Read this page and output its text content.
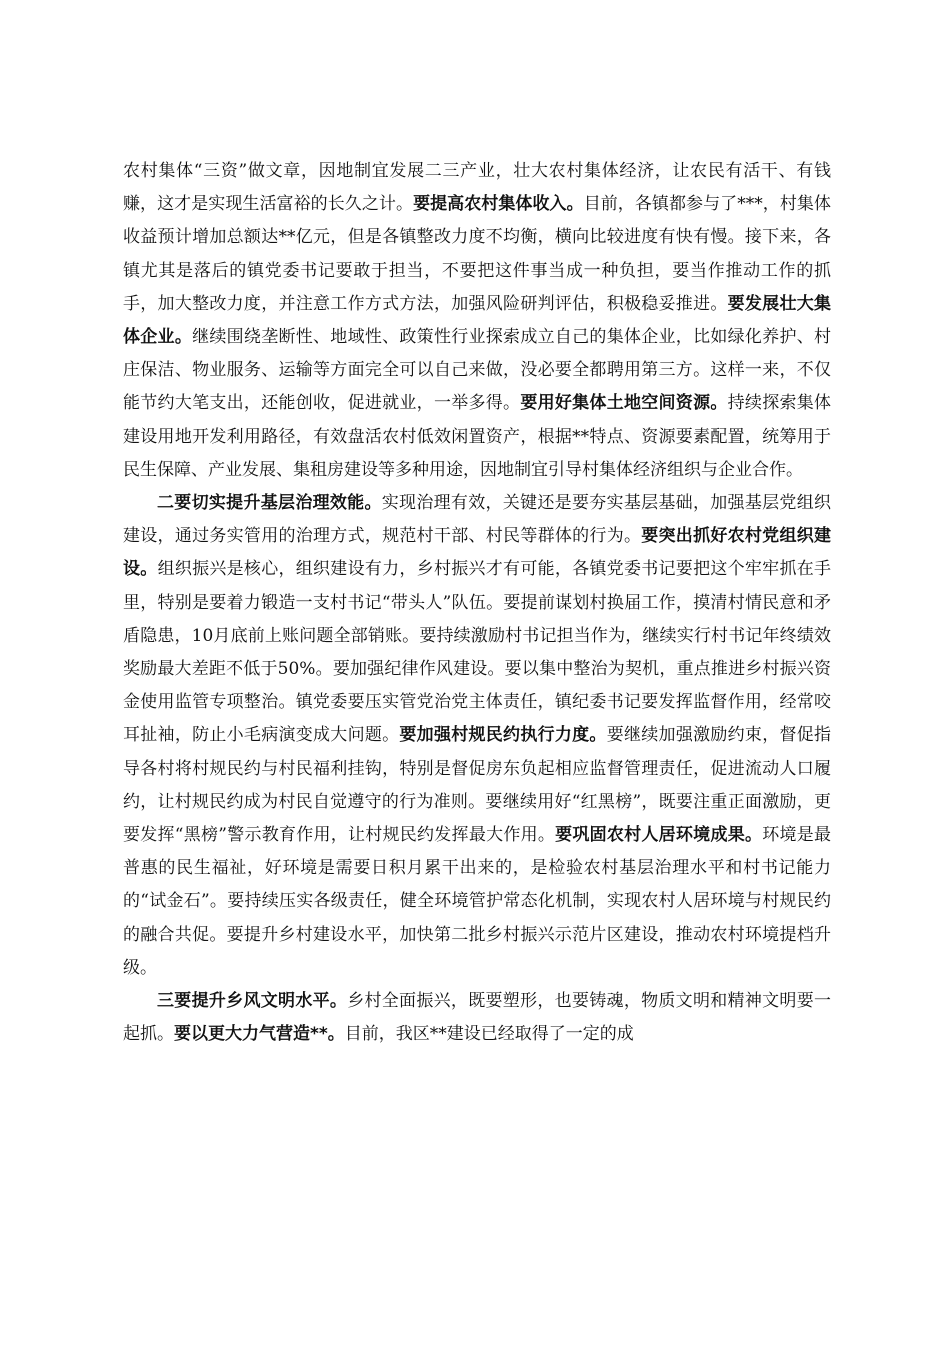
农村集体“三资”做文章，因地制宜发展二三产业，壮大农村集体经济，让农民有活干、有钱赚，这才是实现生活富裕的长久之计。要提高农村集体收入。目前，各镇都参与了***，村集体收益预计增加总额达**亿元，但是各镇整改力度不均衡，横向比较进度有快有慢。接下来，各镇尤其是落后的镇党委书记要敢于担当，不要把这件事当成一种负担，要当作推动工作的抓手，加大整改力度，并注意工作方式方法，加强风险研判评估，积极稳妥推进。要发展壮大集体企业。继续围绕垄断性、地域性、政策性行业探索成立自己的集体企业，比如绿化养护、村庄保洁、物业服务、运输等方面完全可以自己来做，没必要全都聘用第三方。这样一来，不仅能节约大笔支出，还能创收，促进就业，一举多得。要用好集体土地空间资源。持续探索集体建设用地开发利用路径，有效盘活农村低效闲置资产，根据**特点、资源要素配置，统筹用于民生保障、产业发展、集租房建设等多种用途，因地制宜引导村集体经济组织与企业合作。

二要切实提升基层治理效能。实现治理有效，关键还是要夯实基层基础，加强基层党组织建设，通过务实管用的治理方式，规范村干部、村民等群体的行为。要突出抓好农村党组织建设。组织振兴是核心，组织建设有力，乡村振兴才有可能，各镇党委书记要把这个牢牢抓在手里，特别是要着力锻造一支村书记“带头人”队伍。要提前谋划村换届工作，摸清村情民意和矛盾隐患，10月底前上账问题全部销账。要持续激励村书记担当作为，继续实行村书记年终绩效奖励最大差距不低于50%。要加强纪律作风建设。要以集中整治为契机，重点推进乡村振兴资金使用监管专项整治。镇党委要压实管党治党主体责任，镇纪委书记要发挥监督作用，经常咬耳扯袖，防止小毛病演变成大问题。要加强村规民约执行力度。要继续加强激励约束，督促指导各村将村规民约与村民福利挂钩，特别是督促房东负起相应监督管理责任，促进流动人口履约，让村规民约成为村民自觉遵守的行为准则。要继续用好“红黑榜”，既要注重正面激励，更要发挥“黑榜”警示教育作用，让村规民约发挥最大作用。要巩固农村人居环境成果。环境是最普惠的民生福祉，好环境是需要日积月累干出来的，是检验农村基层治理水平和村书记能力的“试金石”。要持续压实各级责任，健全环境管护常态化机制，实现农村人居环境与村规民约的融合共促。要提升乡村建设水平，加快第二批乡村振兴示范片区建设，推动农村环境提档升级。

三要提升乡风文明水平。乡村全面振兴，既要塑形，也要铸魂，物质文明和精神文明要一起抓。要以更大力气营造**。目前，我区**建设已经取得了一定的成
